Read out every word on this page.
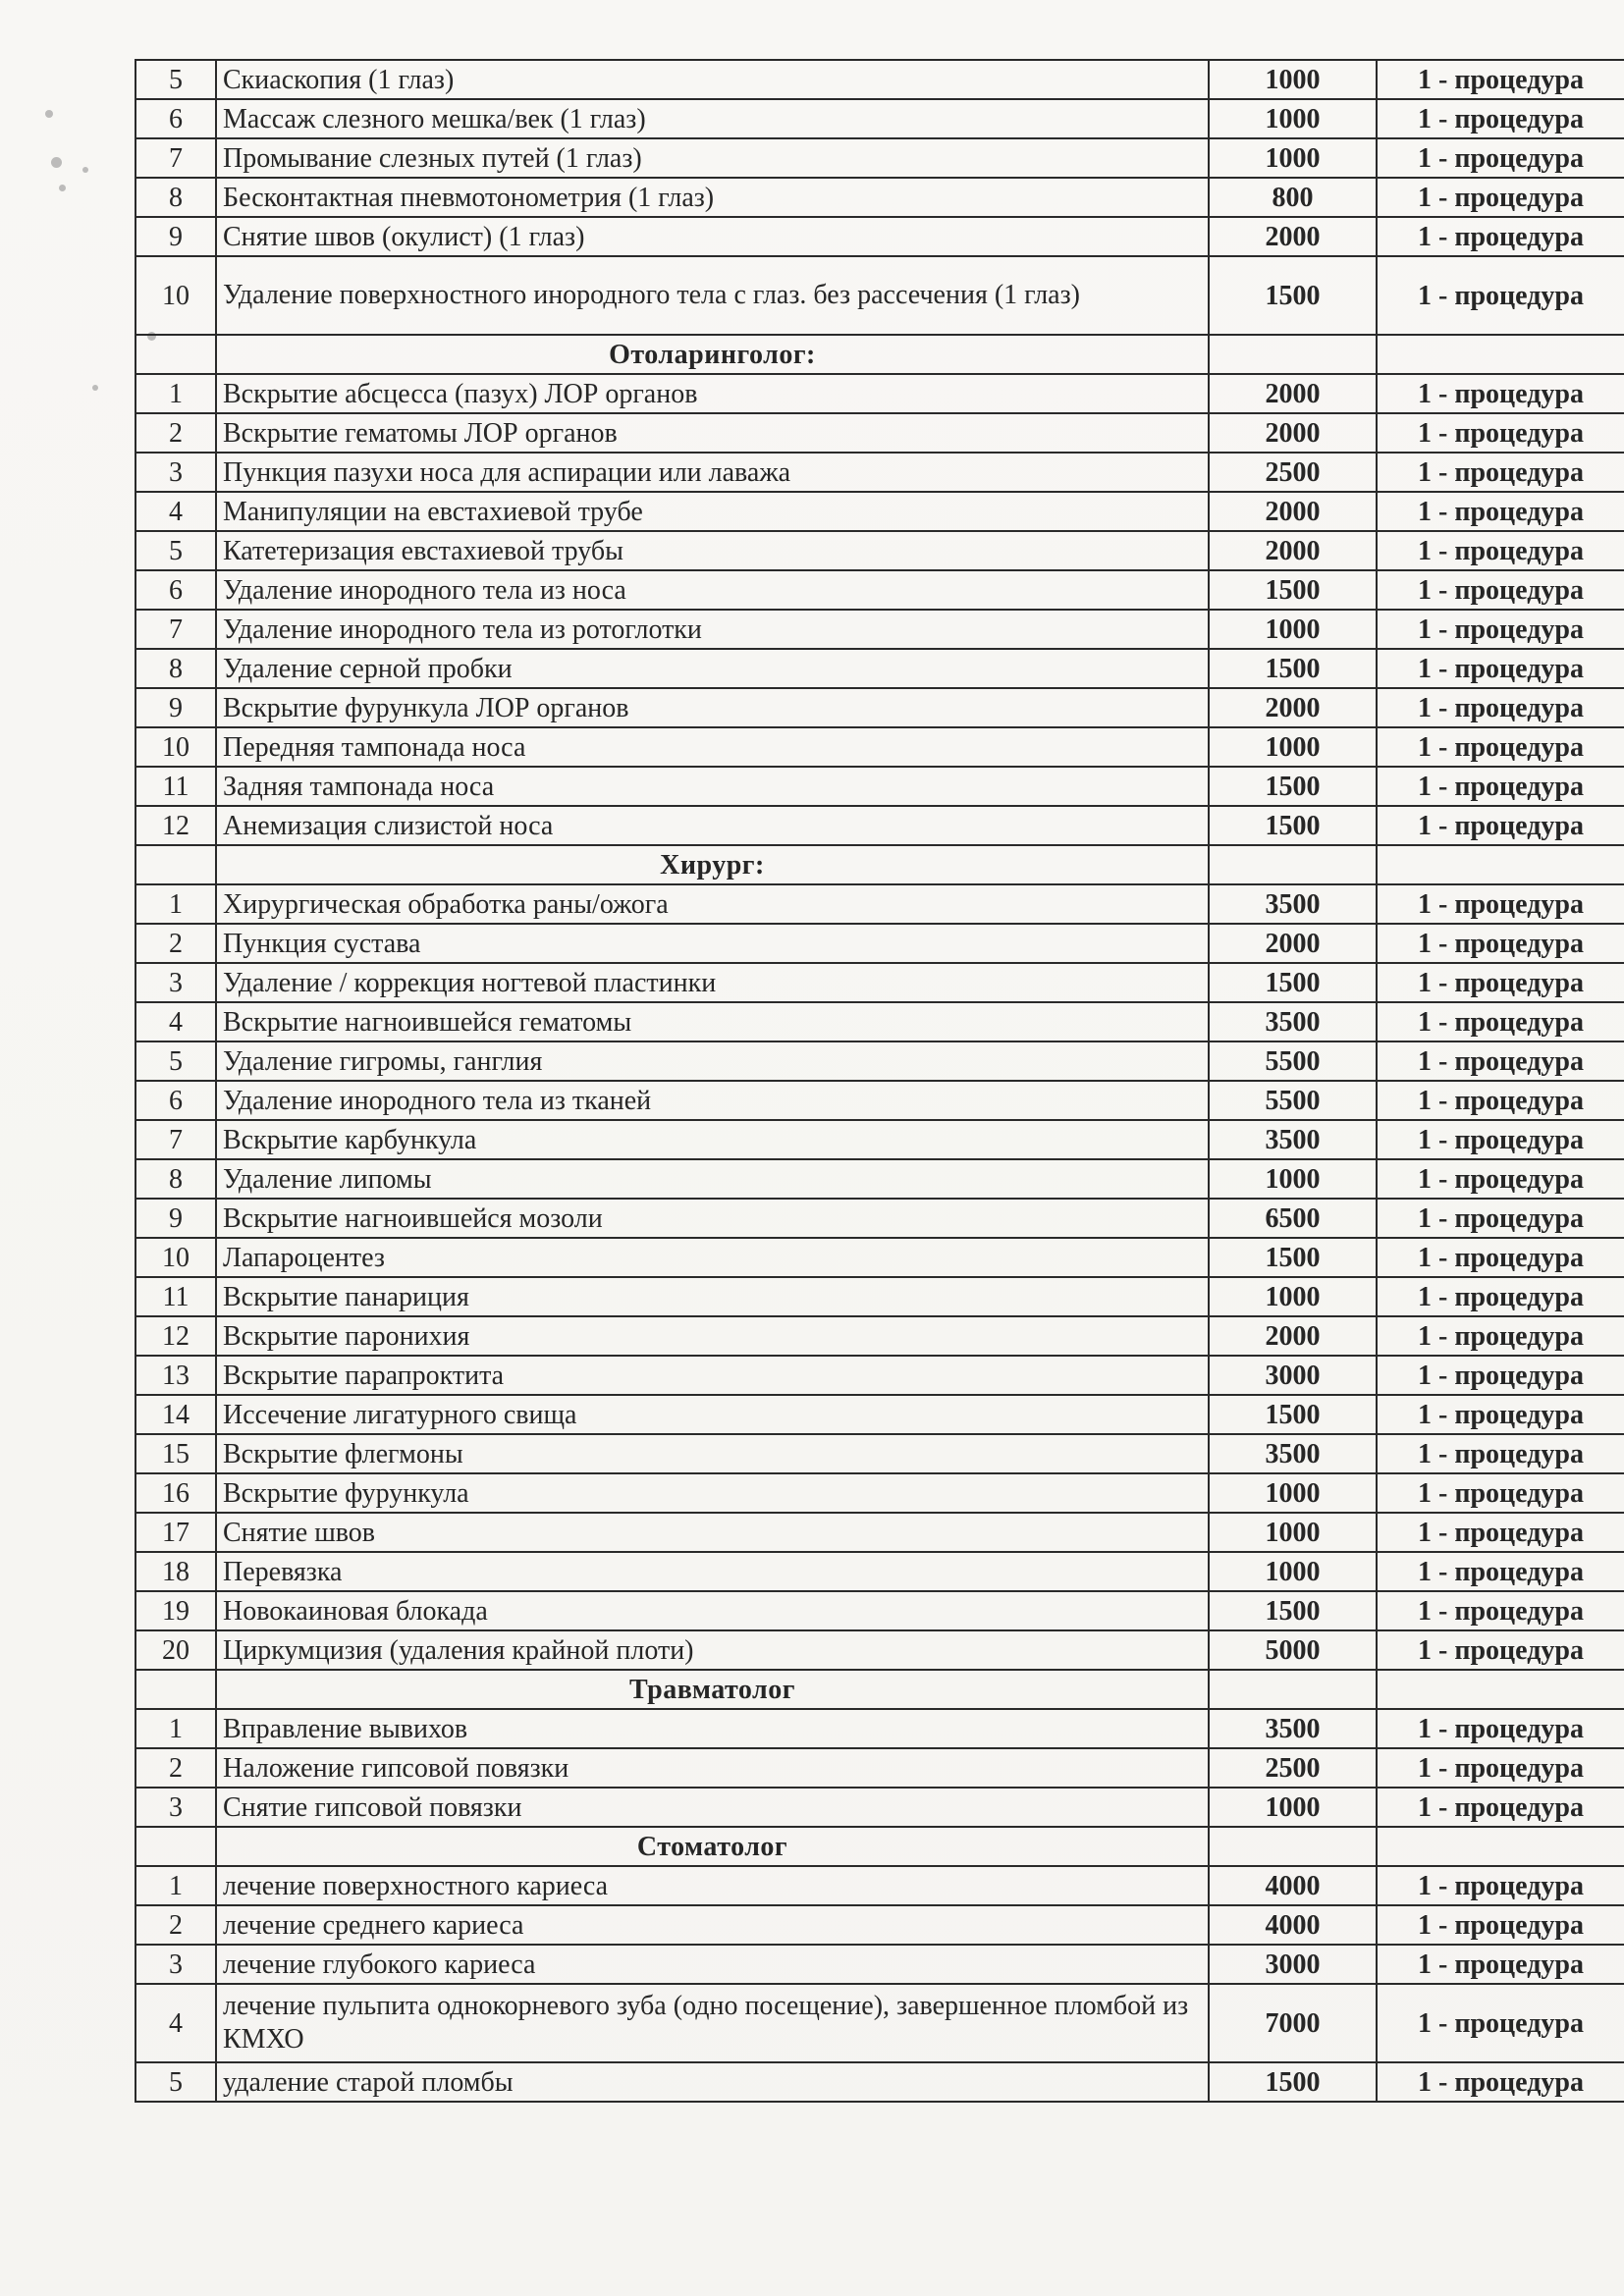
5	Скиаскопия (1 глаз)	1000	1 - процедура
6	Массаж слезного мешка/век (1 глаз)	1000	1 - процедура
7	Промывание слезных путей (1 глаз)	1000	1 - процедура
8	Бесконтактная пневмотонометрия (1 глаз)	800	1 - процедура
9	Снятие швов (окулист) (1 глаз)	2000	1 - процедура
10	Удаление поверхностного инородного тела с глаз. без рассечения (1 глаз)	1500	1 - процедура
	Отоларинголог:		
1	Вскрытие абсцесса (пазух) ЛОР органов	2000	1 - процедура
2	Вскрытие гематомы ЛОР органов	2000	1 - процедура
3	Пункция пазухи носа для аспирации или лаважа	2500	1 - процедура
4	Манипуляции на евстахиевой трубе	2000	1 - процедура
5	Катетеризация евстахиевой трубы	2000	1 - процедура
6	Удаление инородного тела из носа	1500	1 - процедура
7	Удаление инородного тела из ротоглотки	1000	1 - процедура
8	Удаление серной пробки	1500	1 - процедура
9	Вскрытие фурункула ЛОР органов	2000	1 - процедура
10	Передняя тампонада носа	1000	1 - процедура
11	Задняя тампонада носа	1500	1 - процедура
12	Анемизация слизистой носа	1500	1 - процедура
	Хирург:		
1	Хирургическая обработка раны/ожога	3500	1 - процедура
2	Пункция сустава	2000	1 - процедура
3	Удаление / коррекция ногтевой пластинки	1500	1 - процедура
4	Вскрытие нагноившейся гематомы	3500	1 - процедура
5	Удаление гигромы, ганглия	5500	1 - процедура
6	Удаление инородного тела из тканей	5500	1 - процедура
7	Вскрытие карбункула	3500	1 - процедура
8	Удаление липомы	1000	1 - процедура
9	Вскрытие нагноившейся мозоли	6500	1 - процедура
10	Лапароцентез	1500	1 - процедура
11	Вскрытие панариция	1000	1 - процедура
12	Вскрытие паронихия	2000	1 - процедура
13	Вскрытие парапроктита	3000	1 - процедура
14	Иссечение лигатурного свища	1500	1 - процедура
15	Вскрытие флегмоны	3500	1 - процедура
16	Вскрытие фурункула	1000	1 - процедура
17	Снятие швов	1000	1 - процедура
18	Перевязка	1000	1 - процедура
19	Новокаиновая блокада	1500	1 - процедура
20	Циркумцизия (удаления крайной плоти)	5000	1 - процедура
	Травматолог		
1	Вправление вывихов	3500	1 - процедура
2	Наложение гипсовой повязки	2500	1 - процедура
3	Снятие гипсовой повязки	1000	1 - процедура
	Стоматолог		
1	лечение поверхностного кариеса	4000	1 - процедура
2	лечение среднего кариеса	4000	1 - процедура
3	лечение глубокого кариеса	3000	1 - процедура
4	лечение пульпита однокорневого зуба (одно посещение), завершенное пломбой из КМХО	7000	1 - процедура
5	удаление старой пломбы	1500	1 - процедура
